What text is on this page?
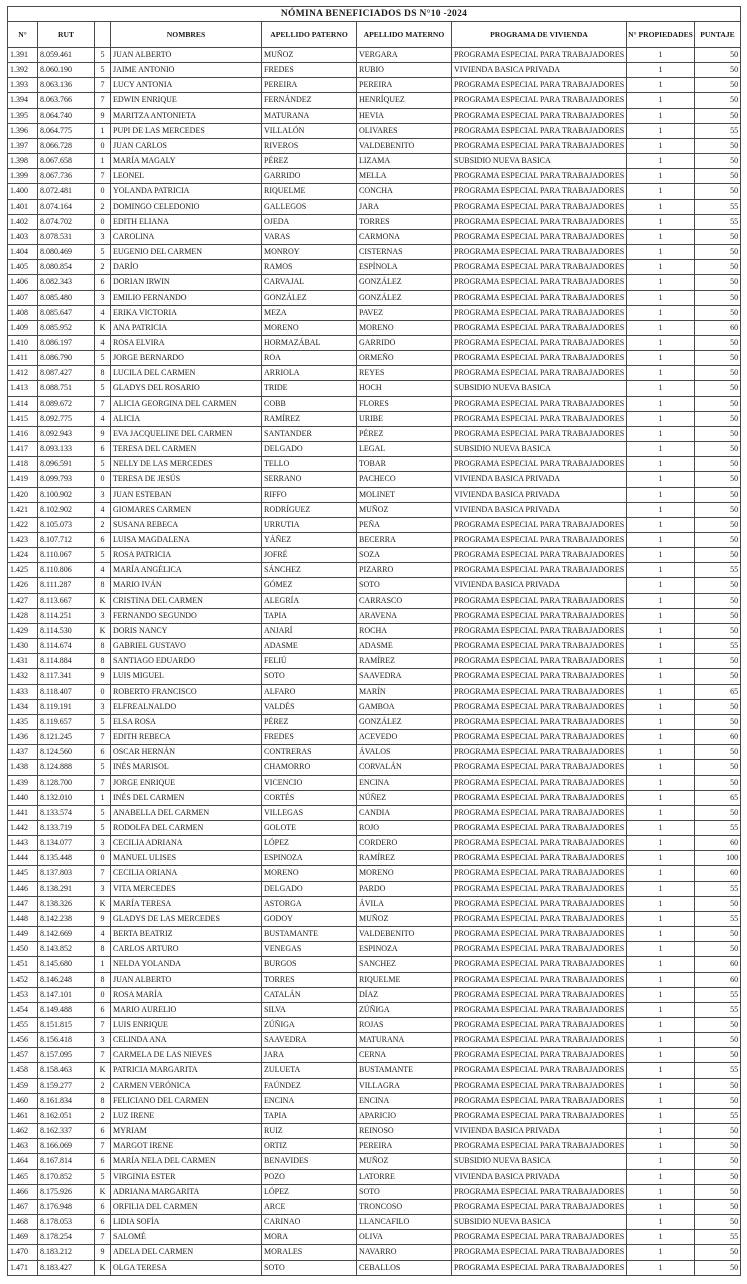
NÓMINA BENEFICIADOS DS N°10 -2024								
N°	RUT		NOMBRES	APELLIDO PATERNO	APELLIDO MATERNO	PROGRAMA DE VIVIENDA	N° PROPIEDADES	PUNTAJE
1.391	8.059.461	5	JUAN ALBERTO	MUÑOZ	VERGARA	PROGRAMA ESPECIAL PARA TRABAJADORES	1	50
1.392	8.060.190	5	JAIME ANTONIO	FREDES	RUBIO	VIVIENDA BASICA PRIVADA	1	50
1.393	8.063.136	7	LUCY ANTONIA	PEREIRA	PEREIRA	PROGRAMA ESPECIAL PARA TRABAJADORES	1	50
1.394	8.063.766	7	EDWIN ENRIQUE	FERNÁNDEZ	HENRÍQUEZ	PROGRAMA ESPECIAL PARA TRABAJADORES	1	50
1.395	8.064.740	9	MARITZA ANTONIETA	MATURANA	HEVIA	PROGRAMA ESPECIAL PARA TRABAJADORES	1	50
1.396	8.064.775	1	PUPI DE LAS MERCEDES	VILLALÓN	OLIVARES	PROGRAMA ESPECIAL PARA TRABAJADORES	1	55
1.397	8.066.728	0	JUAN CARLOS	RIVEROS	VALDEBENITO	PROGRAMA ESPECIAL PARA TRABAJADORES	1	50
1.398	8.067.658	1	MARÍA MAGALY	PÉREZ	LIZAMA	SUBSIDIO NUEVA BASICA	1	50
1.399	8.067.736	7	LEONEL	GARRIDO	MELLA	PROGRAMA ESPECIAL PARA TRABAJADORES	1	50
1.400	8.072.481	0	YOLANDA PATRICIA	RIQUELME	CONCHA	PROGRAMA ESPECIAL PARA TRABAJADORES	1	50
1.401	8.074.164	2	DOMINGO CELEDONIO	GALLEGOS	JARA	PROGRAMA ESPECIAL PARA TRABAJADORES	1	55
1.402	8.074.702	0	EDITH ELIANA	OJEDA	TORRES	PROGRAMA ESPECIAL PARA TRABAJADORES	1	55
1.403	8.078.531	3	CAROLINA	VARAS	CARMONA	PROGRAMA ESPECIAL PARA TRABAJADORES	1	50
1.404	8.080.469	5	EUGENIO DEL CARMEN	MONROY	CISTERNAS	PROGRAMA ESPECIAL PARA TRABAJADORES	1	50
1.405	8.080.854	2	DARÍO	RAMOS	ESPÍNOLA	PROGRAMA ESPECIAL PARA TRABAJADORES	1	50
1.406	8.082.343	6	DORIAN IRWIN	CARVAJAL	GONZÁLEZ	PROGRAMA ESPECIAL PARA TRABAJADORES	1	50
1.407	8.085.480	3	EMILIO FERNANDO	GONZÁLEZ	GONZÁLEZ	PROGRAMA ESPECIAL PARA TRABAJADORES	1	50
1.408	8.085.647	4	ERIKA VICTORIA	MEZA	PAVEZ	PROGRAMA ESPECIAL PARA TRABAJADORES	1	50
1.409	8.085.952	K	ANA PATRICIA	MORENO	MORENO	PROGRAMA ESPECIAL PARA TRABAJADORES	1	60
1.410	8.086.197	4	ROSA ELVIRA	HORMAZÁBAL	GARRIDO	PROGRAMA ESPECIAL PARA TRABAJADORES	1	50
1.411	8.086.790	5	JORGE BERNARDO	ROA	ORMEÑO	PROGRAMA ESPECIAL PARA TRABAJADORES	1	50
1.412	8.087.427	8	LUCILA DEL CARMEN	ARRIOLA	REYES	PROGRAMA ESPECIAL PARA TRABAJADORES	1	50
1.413	8.088.751	5	GLADYS DEL ROSARIO	TRIDE	HOCH	SUBSIDIO NUEVA BASICA	1	50
1.414	8.089.672	7	ALICIA GEORGINA DEL CARMEN	COBB	FLORES	PROGRAMA ESPECIAL PARA TRABAJADORES	1	50
1.415	8.092.775	4	ALICIA	RAMÍREZ	URIBE	PROGRAMA ESPECIAL PARA TRABAJADORES	1	50
1.416	8.092.943	9	EVA JACQUELINE DEL CARMEN	SANTANDER	PÉREZ	PROGRAMA ESPECIAL PARA TRABAJADORES	1	50
1.417	8.093.133	6	TERESA DEL CARMEN	DELGADO	LEGAL	SUBSIDIO NUEVA BASICA	1	50
1.418	8.096.591	5	NELLY DE LAS MERCEDES	TELLO	TOBAR	PROGRAMA ESPECIAL PARA TRABAJADORES	1	50
1.419	8.099.793	0	TERESA DE JESÚS	SERRANO	PACHECO	VIVIENDA BASICA PRIVADA	1	50
1.420	8.100.902	3	JUAN ESTEBAN	RIFFO	MOLINET	VIVIENDA BASICA PRIVADA	1	50
1.421	8.102.902	4	GIOMARES CARMEN	RODRÍGUEZ	MUÑOZ	VIVIENDA BASICA PRIVADA	1	50
1.422	8.105.073	2	SUSANA REBECA	URRUTIA	PEÑA	PROGRAMA ESPECIAL PARA TRABAJADORES	1	50
1.423	8.107.712	6	LUISA MAGDALENA	YÁÑEZ	BECERRA	PROGRAMA ESPECIAL PARA TRABAJADORES	1	50
1.424	8.110.067	5	ROSA PATRICIA	JOFRÉ	SOZA	PROGRAMA ESPECIAL PARA TRABAJADORES	1	50
1.425	8.110.806	4	MARÍA ANGÉLICA	SÁNCHEZ	PIZARRO	PROGRAMA ESPECIAL PARA TRABAJADORES	1	55
1.426	8.111.287	8	MARIO IVÁN	GÓMEZ	SOTO	VIVIENDA BASICA PRIVADA	1	50
1.427	8.113.667	K	CRISTINA DEL CARMEN	ALEGRÍA	CARRASCO	PROGRAMA ESPECIAL PARA TRABAJADORES	1	50
1.428	8.114.251	3	FERNANDO SEGUNDO	TAPIA	ARAVENA	PROGRAMA ESPECIAL PARA TRABAJADORES	1	50
1.429	8.114.530	K	DORIS NANCY	ANJARÍ	ROCHA	PROGRAMA ESPECIAL PARA TRABAJADORES	1	50
1.430	8.114.674	8	GABRIEL GUSTAVO	ADASME	ADASME	PROGRAMA ESPECIAL PARA TRABAJADORES	1	55
1.431	8.114.884	8	SANTIAGO EDUARDO	FELIÚ	RAMÍREZ	PROGRAMA ESPECIAL PARA TRABAJADORES	1	50
1.432	8.117.341	9	LUIS MIGUEL	SOTO	SAAVEDRA	PROGRAMA ESPECIAL PARA TRABAJADORES	1	50
1.433	8.118.407	0	ROBERTO FRANCISCO	ALFARO	MARÍN	PROGRAMA ESPECIAL PARA TRABAJADORES	1	65
1.434	8.119.191	3	ELFREALNALDO	VALDÉS	GAMBOA	PROGRAMA ESPECIAL PARA TRABAJADORES	1	50
1.435	8.119.657	5	ELSA ROSA	PÉREZ	GONZÁLEZ	PROGRAMA ESPECIAL PARA TRABAJADORES	1	50
1.436	8.121.245	7	EDITH REBECA	FREDES	ACEVEDO	PROGRAMA ESPECIAL PARA TRABAJADORES	1	60
1.437	8.124.560	6	OSCAR HERNÁN	CONTRERAS	ÁVALOS	PROGRAMA ESPECIAL PARA TRABAJADORES	1	50
1.438	8.124.888	5	INÉS MARISOL	CHAMORRO	CORVALÁN	PROGRAMA ESPECIAL PARA TRABAJADORES	1	50
1.439	8.128.700	7	JORGE ENRIQUE	VICENCIO	ENCINA	PROGRAMA ESPECIAL PARA TRABAJADORES	1	50
1.440	8.132.010	1	INÉS DEL CARMEN	CORTÉS	NÚÑEZ	PROGRAMA ESPECIAL PARA TRABAJADORES	1	65
1.441	8.133.574	5	ANABELLA DEL CARMEN	VILLEGAS	CANDIA	PROGRAMA ESPECIAL PARA TRABAJADORES	1	50
1.442	8.133.719	5	RODOLFA DEL CARMEN	GOLOTE	ROJO	PROGRAMA ESPECIAL PARA TRABAJADORES	1	55
1.443	8.134.077	3	CECILIA ADRIANA	LÓPEZ	CORDERO	PROGRAMA ESPECIAL PARA TRABAJADORES	1	60
1.444	8.135.448	0	MANUEL ULISES	ESPINOZA	RAMÍREZ	PROGRAMA ESPECIAL PARA TRABAJADORES	1	100
1.445	8.137.803	7	CECILIA ORIANA	MORENO	MORENO	PROGRAMA ESPECIAL PARA TRABAJADORES	1	60
1.446	8.138.291	3	VITA MERCEDES	DELGADO	PARDO	PROGRAMA ESPECIAL PARA TRABAJADORES	1	55
1.447	8.138.326	K	MARÍA TERESA	ASTORGA	ÁVILA	PROGRAMA ESPECIAL PARA TRABAJADORES	1	50
1.448	8.142.238	9	GLADYS DE LAS MERCEDES	GODOY	MUÑOZ	PROGRAMA ESPECIAL PARA TRABAJADORES	1	55
1.449	8.142.669	4	BERTA BEATRIZ	BUSTAMANTE	VALDEBENITO	PROGRAMA ESPECIAL PARA TRABAJADORES	1	50
1.450	8.143.852	8	CARLOS ARTURO	VENEGAS	ESPINOZA	PROGRAMA ESPECIAL PARA TRABAJADORES	1	50
1.451	8.145.680	1	NELDA YOLANDA	BURGOS	SANCHEZ	PROGRAMA ESPECIAL PARA TRABAJADORES	1	60
1.452	8.146.248	8	JUAN ALBERTO	TORRES	RIQUELME	PROGRAMA ESPECIAL PARA TRABAJADORES	1	60
1.453	8.147.101	0	ROSA MARÍA	CATALÁN	DÍAZ	PROGRAMA ESPECIAL PARA TRABAJADORES	1	55
1.454	8.149.488	6	MARIO AURELIO	SILVA	ZÚÑIGA	PROGRAMA ESPECIAL PARA TRABAJADORES	1	55
1.455	8.151.815	7	LUIS ENRIQUE	ZÚÑIGA	ROJAS	PROGRAMA ESPECIAL PARA TRABAJADORES	1	50
1.456	8.156.418	3	CELINDA ANA	SAAVEDRA	MATURANA	PROGRAMA ESPECIAL PARA TRABAJADORES	1	50
1.457	8.157.095	7	CARMELA DE LAS NIEVES	JARA	CERNA	PROGRAMA ESPECIAL PARA TRABAJADORES	1	50
1.458	8.158.463	K	PATRICIA MARGARITA	ZULUETA	BUSTAMANTE	PROGRAMA ESPECIAL PARA TRABAJADORES	1	55
1.459	8.159.277	2	CARMEN VERÓNICA	FAÚNDEZ	VILLAGRA	PROGRAMA ESPECIAL PARA TRABAJADORES	1	50
1.460	8.161.834	8	FELICIANO DEL CARMEN	ENCINA	ENCINA	PROGRAMA ESPECIAL PARA TRABAJADORES	1	50
1.461	8.162.051	2	LUZ IRENE	TAPIA	APARICIO	PROGRAMA ESPECIAL PARA TRABAJADORES	1	55
1.462	8.162.337	6	MYRIAM	RUIZ	REINOSO	VIVIENDA BASICA PRIVADA	1	50
1.463	8.166.069	7	MARGOT IRENE	ORTIZ	PEREIRA	PROGRAMA ESPECIAL PARA TRABAJADORES	1	50
1.464	8.167.814	6	MARÍA NELA DEL CARMEN	BENAVIDES	MUÑOZ	SUBSIDIO NUEVA BASICA	1	50
1.465	8.170.852	5	VIRGINIA ESTER	POZO	LATORRE	VIVIENDA BASICA PRIVADA	1	50
1.466	8.175.926	K	ADRIANA MARGARITA	LÓPEZ	SOTO	PROGRAMA ESPECIAL PARA TRABAJADORES	1	50
1.467	8.176.948	6	ORFILIA DEL CARMEN	ARCE	TRONCOSO	PROGRAMA ESPECIAL PARA TRABAJADORES	1	50
1.468	8.178.053	6	LIDIA SOFÍA	CARINAO	LLANCAFILO	SUBSIDIO NUEVA BASICA	1	50
1.469	8.178.254	7	SALOMÉ	MORA	OLIVA	PROGRAMA ESPECIAL PARA TRABAJADORES	1	55
1.470	8.183.212	9	ADELA DEL CARMEN	MORALES	NAVARRO	PROGRAMA ESPECIAL PARA TRABAJADORES	1	50
1.471	8.183.427	K	OLGA TERESA	SOTO	CEBALLOS	PROGRAMA ESPECIAL PARA TRABAJADORES	1	50
